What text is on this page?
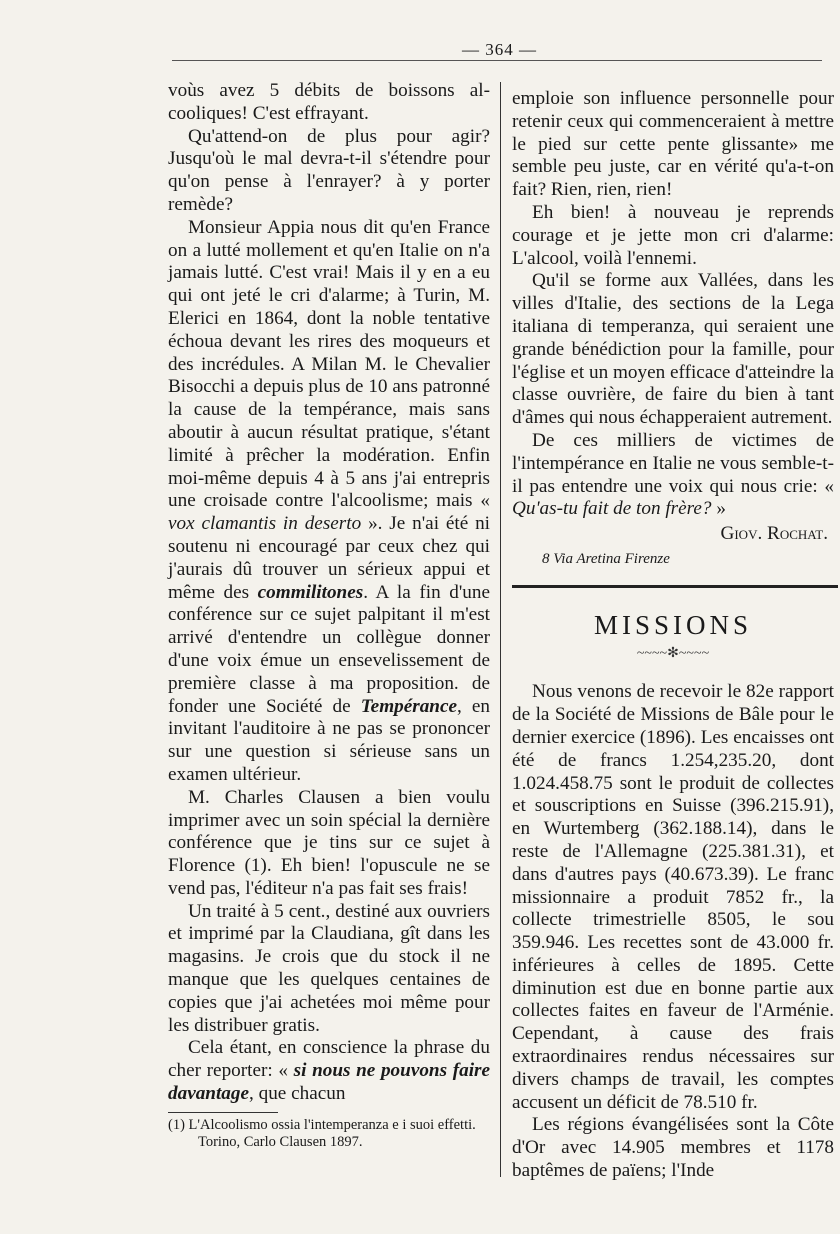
— 364 —

voùs avez 5 débits de boissons al-cooliques! C'est effrayant.

Qu'attend-on de plus pour agir? Jusqu'où le mal devra-t-il s'étendre pour qu'on pense à l'enrayer? à y porter remède?

Monsieur Appia nous dit qu'en France on a lutté mollement et qu'en Italie on n'a jamais lutté. C'est vrai! Mais il y en a eu qui ont jeté le cri d'alarme; à Turin, M. Elerici en 1864, dont la noble tentative échoua devant les rires des moqueurs et des incrédules. A Milan M. le Chevalier Bisocchi a depuis plus de 10 ans patronné la cause de la tempérance, mais sans aboutir à aucun résultat pratique, s'étant limité à prêcher la modération. Enfin moi-même depuis 4 à 5 ans j'ai entrepris une croisade contre l'alcoolisme; mais « vox clamantis in deserto ». Je n'ai été ni soutenu ni encouragé par ceux chez qui j'aurais dû trouver un sérieux appui et même des commilitones. A la fin d'une conférence sur ce sujet palpitant il m'est arrivé d'entendre un collègue donner d'une voix émue un ensevelissement de première classe à ma proposition. de fonder une Société de Tempérance, en invitant l'auditoire à ne pas se prononcer sur une question si sérieuse sans un examen ultérieur.

M. Charles Clausen a bien voulu imprimer avec un soin spécial la dernière conférence que je tins sur ce sujet à Florence (1). Eh bien! l'opuscule ne se vend pas, l'éditeur n'a pas fait ses frais!

Un traité à 5 cent., destiné aux ouvriers et imprimé par la Claudiana, gît dans les magasins. Je crois que du stock il ne manque que les quelques centaines de copies que j'ai achetées moi même pour les distribuer gratis.

Cela étant, en conscience la phrase du cher reporter: « si nous ne pouvons faire davantage, que chacun

(1) L'Alcoolismo ossia l'intemperanza e i suoi effetti.

Torino, Carlo Clausen 1897.

emploie son influence personnelle pour retenir ceux qui commenceraient à mettre le pied sur cette pente glissante» me semble peu juste, car en vérité qu'a-t-on fait? Rien, rien, rien!

Eh bien! à nouveau je reprends courage et je jette mon cri d'alarme: L'alcool, voilà l'ennemi.

Qu'il se forme aux Vallées, dans les villes d'Italie, des sections de la Lega italiana di temperanza, qui seraient une grande bénédiction pour la famille, pour l'église et un moyen efficace d'atteindre la classe ouvrière, de faire du bien à tant d'âmes qui nous échapperaient autrement.

De ces milliers de victimes de l'intempérance en Italie ne vous semble-t-il pas entendre une voix qui nous crie: « Qu'as-tu fait de ton frère? »

Giov. Rochat.
8 Via Aretina Firenze
MISSIONS
~~~~✻~~~~

Nous venons de recevoir le 82e rapport de la Société de Missions de Bâle pour le dernier exercice (1896). Les encaisses ont été de francs 1.254,235.20, dont 1.024.458.75 sont le produit de collectes et souscriptions en Suisse (396.215.91), en Wurtemberg (362.188.14), dans le reste de l'Allemagne (225.381.31), et dans d'autres pays (40.673.39). Le franc missionnaire a produit 7852 fr., la collecte trimestrielle 8505, le sou 359.946. Les recettes sont de 43.000 fr. inférieures à celles de 1895. Cette diminution est due en bonne partie aux collectes faites en faveur de l'Arménie. Cependant, à cause des frais extraordinaires rendus nécessaires sur divers champs de travail, les comptes accusent un déficit de 78.510 fr.

Les régions évangélisées sont la Côte d'Or avec 14.905 membres et 1178 baptêmes de païens; l'Inde
